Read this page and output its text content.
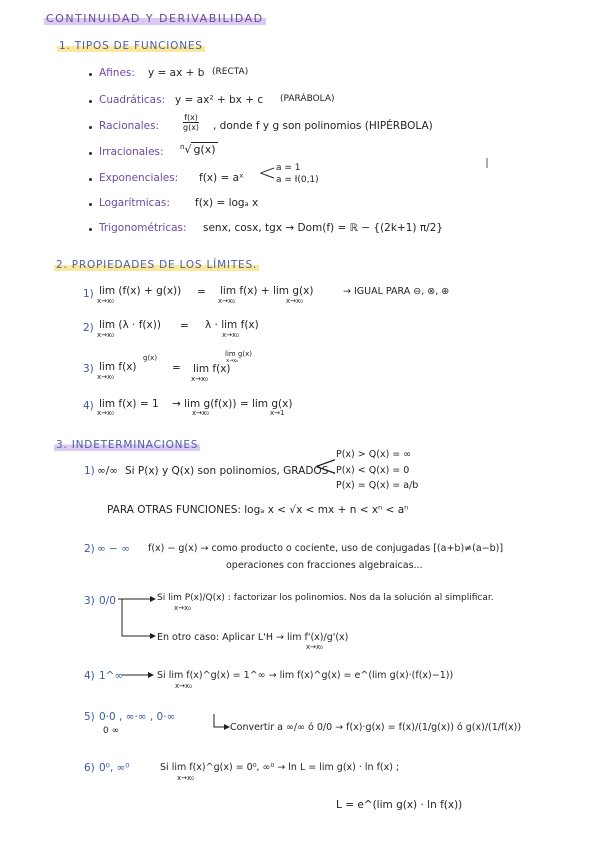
CONTINUIDAD Y DERIVABILIDAD
1. TIPOS DE FUNCIONES
Afines: y = ax + b (RECTA)
Cuadráticas: y = ax² + bx + c (PARÁBOLA)
Racionales:	$\frac{f(x)}{g(x)}$ , donde f y g son polinomios (HIPÉRBOLA)
Irracionales: $^n$√ g(x)
Exponenciales: f(x) = aˣ < a = 1
a = ł(0,1)
Logarítmicas: f(x) = logₐ x
Trigonométricas: senx, cosx, tgx → Dom(f) = ℝ − {(2k+1) π/2}
2. PROPIEDADES DE LOS LÍMITES.
1) lim (f(x) + g(x))
x→x₀
= lim f(x) + lim g(x)
x→x₀	x→x₀
→ IGUAL PARA ⊖, ⊗, ⊕
2) lim (λ · f(x))
x→x₀
= λ · lim f(x)
x→x₀
3) lim f(x)
x→x₀
g(x)
= lim f(x)
x→x₀
lim g(x)
x→x₀
4) lim f(x) = 1
x→x₀
→ lim g(f(x)) = lim g(x)
x→x₀	x→1
3. INDETERMINACIONES
1) ∞/∞ Si P(x) y Q(x) son polinomios, GRADOS
<
P(x) > Q(x) = ∞
P(x) < Q(x) = 0
P(x) = Q(x) = a/b
PARA OTRAS FUNCIONES: logₐ x < √x < mx + n < xⁿ < aⁿ
2) ∞ − ∞ f(x) − g(x) → como producto o cociente, uso de conjugadas [(a+b)≠(a−b)]
operaciones con fracciones algebraicas...
3) 0/0	Si lim P(x)/Q(x) : factorizar los polinomios. Nos da la solución al simplificar.
x→x₀
En otro caso: Aplicar L'H → lim f'(x)/g'(x)
x→x₀
4) 1^∞	Si lim f(x)^g(x) = 1^∞ → lim f(x)^g(x) = e^(lim g(x)·(f(x)−1))
x→x₀
5) 0·0 , ∞·∞ , 0·∞
0 ∞	Convertir a ∞/∞ ó 0/0 → f(x)·g(x) = f(x)/(1/g(x)) ó g(x)/(1/f(x))
6) 0⁰, ∞⁰	Si lim f(x)^g(x) = 0⁰, ∞⁰ → ln L = lim g(x) · ln f(x) ;
x→x₀
L = e^(lim g(x) · ln f(x))
